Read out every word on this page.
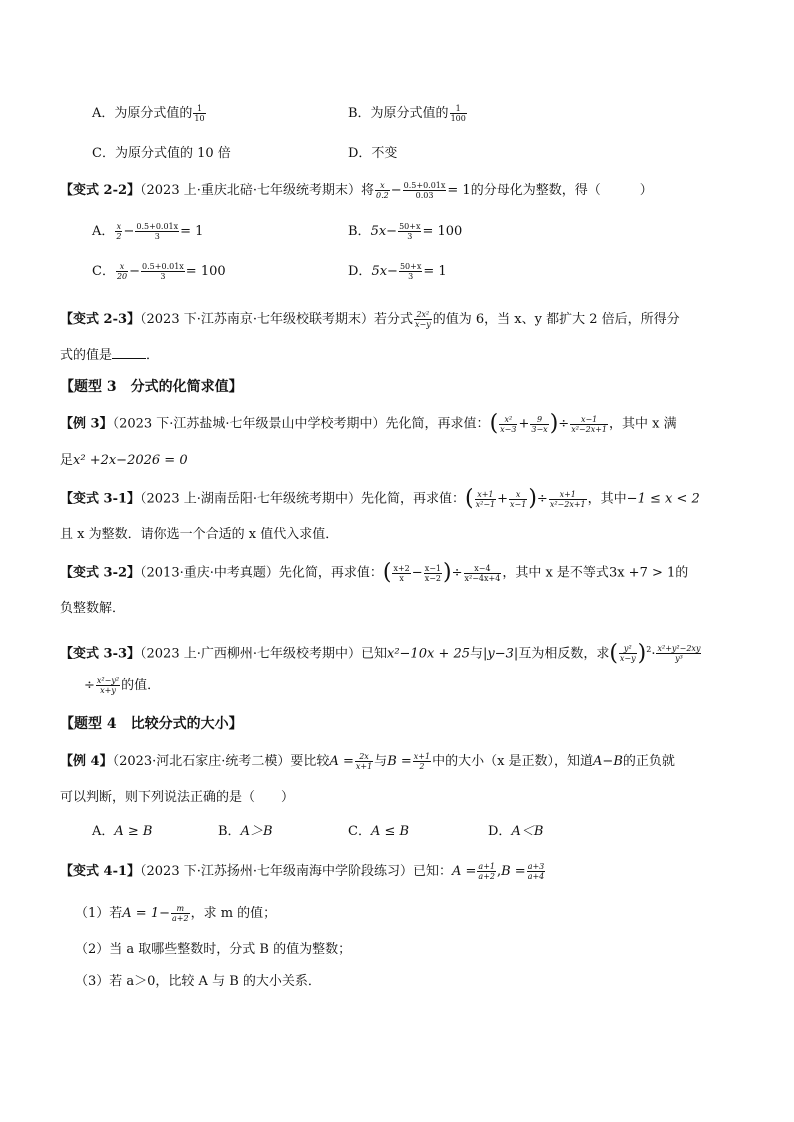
A．为原分式值的 $\frac{1}{10}$	B．为原分式值的 $\frac{1}{100}$
C．为原分式值的 10 倍	D．不变
【变式 2-2】（2023 上·重庆北碚·七年级统考期末）将 $\frac{x}{0.2} - \frac{0.5+0.01x}{0.03} = 1$的分母化为整数，得（　　　）
A． $\frac{x}{2} - \frac{0.5+0.01x}{3} = 1$	B．$5x- \frac{50+x}{3} = 100$
C． $\frac{x}{20} - \frac{0.5+0.01x}{3} = 100$	D．$5x- \frac{50+x}{3} = 1$
【变式 2-3】（2023 下·江苏南京·七年级校联考期末）若分式 $\frac{\text{2x²}}{x-y}$ 的值为 6，当 x、y 都扩大 2 倍后，所得分
式的值是	．
【题型 3　分式的化简求值】
【例 3】（2023 下·江苏盐城·七年级景山中学校考期中）先化简，再求值：( $\frac{\text{x²}}{x-3} + \frac{9}{3-x}$ )÷ $\frac{x-1}{\text{x²−2x+1}}$ ，其中 x 满
足x² +2x−2026 = 0
【变式 3-1】（2023 上·湖南岳阳·七年级统考期中）先化简，再求值：( $\frac{x+1}{\text{x²−1}} + \frac{x}{x-1}$ )÷ $\frac{x+1}{\text{x²−2x+1}}$ ，其中−1 ≤ x < 2
且 x 为整数．请你选一个合适的 x 值代入求值．
【变式 3-2】（2013·重庆·中考真题）先化简，再求值：( $\frac{x+2}{x} - \frac{x-1}{x-2}$ )÷ $\frac{x-4}{\text{x²−4x+4}}$ ，其中 x 是不等式3x +7 > 1的
负整数解．
【变式 3-3】（2023 上·广西柳州·七年级校考期中）已知x²−10x + 25与|y−3|互为相反数，求( $\frac{\text{y²}}{x-y} )^2\cdot \frac{\text{x²+y²−2xy}}{\text{y³}}$
÷ $\frac{\text{x²−y²}}{x+y}$ 的值．
【题型 4　比较分式的大小】
【例 4】（2023·河北石家庄·统考二模）要比较$A = \frac{2x}{x+1}$ 与$B = \frac{x+1}{2}$ 中的大小（x 是正数），知道A−B的正负就
可以判断，则下列说法正确的是（　　）
A．A ≥ B	B．A＞B	C．A ≤ B	D．A＜B
【变式 4-1】（2023 下·江苏扬州·七年级南海中学阶段练习）已知：$A = \frac{a+1}{a+2} ,B = \frac{a+3}{a+4}$
（1）若$A = 1- \frac{m}{a+2}$ ，求 m 的值；
（2）当 a 取哪些整数时，分式 B 的值为整数；
（3）若 a＞0，比较 A 与 B 的大小关系．
